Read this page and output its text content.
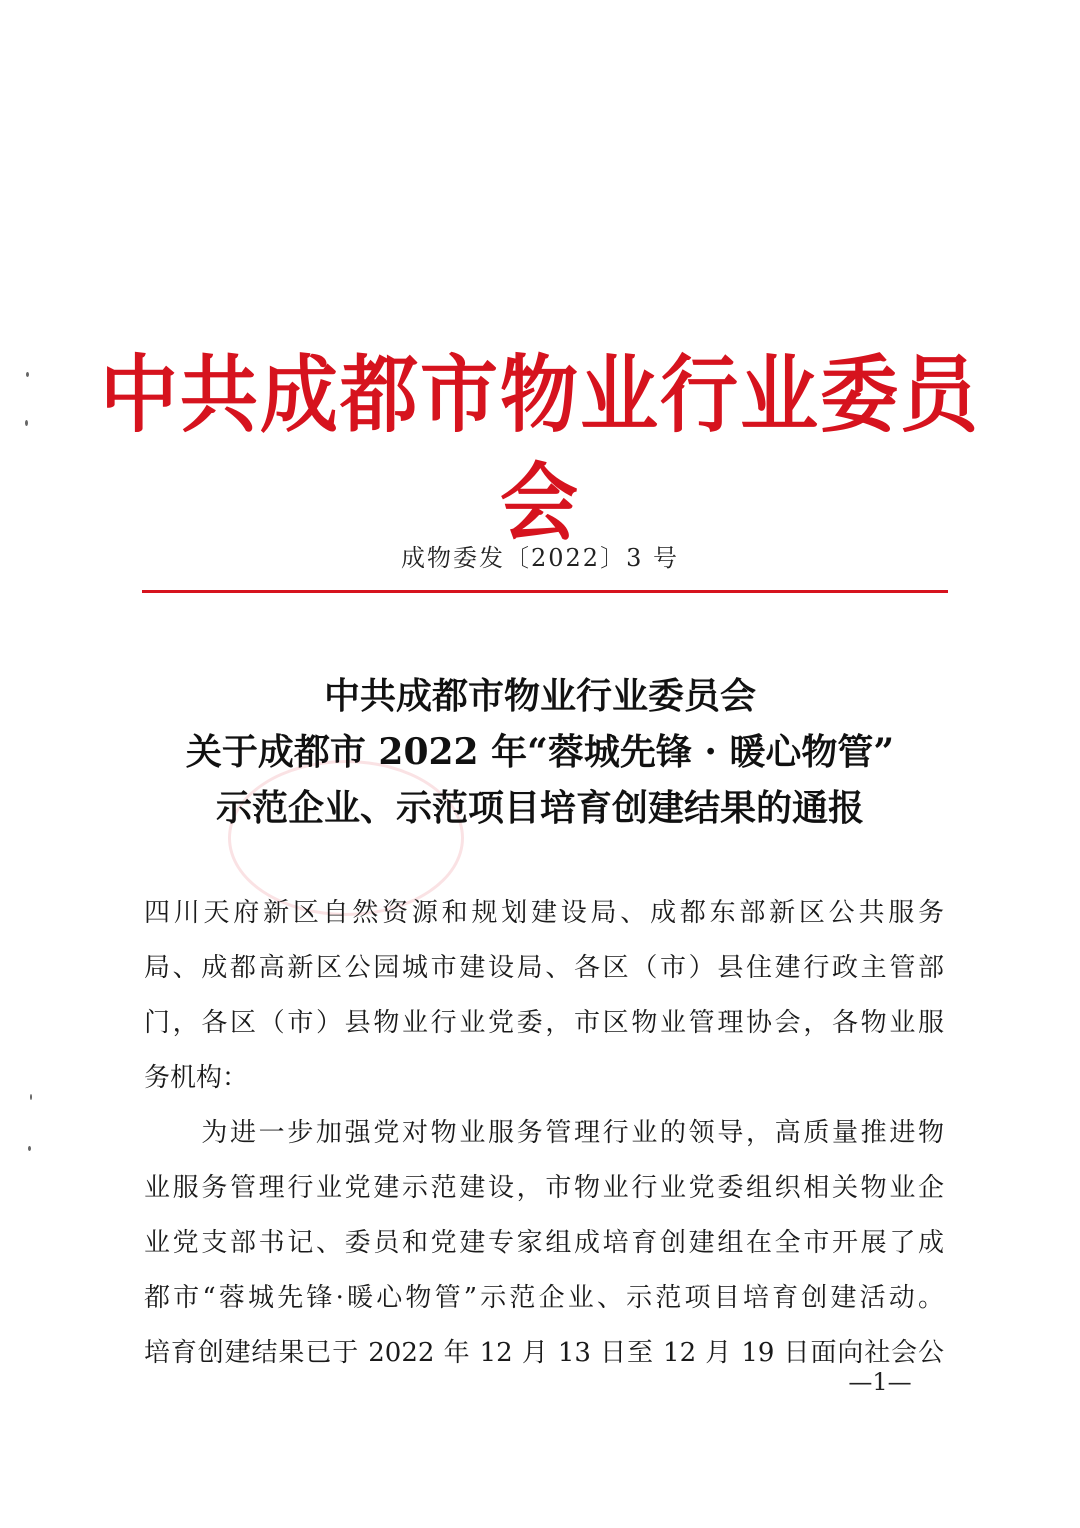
中共成都市物业行业委员会
成物委发〔2022〕3 号
中共成都市物业行业委员会
关于成都市 2022 年“蓉城先锋 · 暖心物管”
示范企业、示范项目培育创建结果的通报
四川天府新区自然资源和规划建设局、成都东部新区公共服务
局、成都高新区公园城市建设局、各区（市）县住建行政主管部
门，各区（市）县物业行业党委，市区物业管理协会，各物业服
务机构：
　　为进一步加强党对物业服务管理行业的领导，高质量推进物
业服务管理行业党建示范建设，市物业行业党委组织相关物业企
业党支部书记、委员和党建专家组成培育创建组在全市开展了成
都市“蓉城先锋·暖心物管”示范企业、示范项目培育创建活动。
培育创建结果已于 2022 年 12 月 13 日至 12 月 19 日面向社会公
—1—
